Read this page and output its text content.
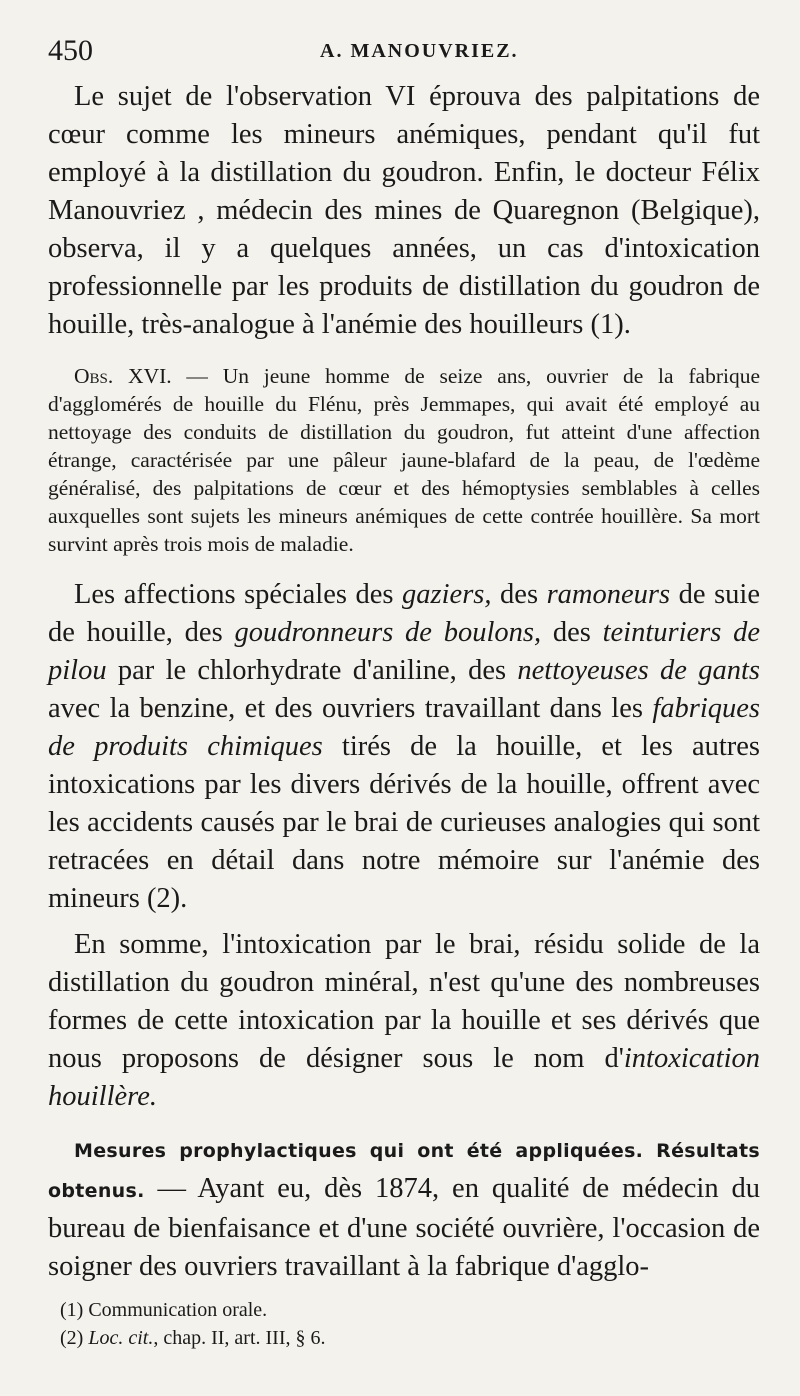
450	A. MANOUVRIEZ.

Le sujet de l'observation VI éprouva des palpitations de cœur comme les mineurs anémiques, pendant qu'il fut employé à la distillation du goudron. Enfin, le docteur Félix Manouvriez , médecin des mines de Quaregnon (Belgique), observa, il y a quelques années, un cas d'intoxication professionnelle par les produits de distillation du goudron de houille, très-analogue à l'anémie des houilleurs (1).

Obs. XVI. — Un jeune homme de seize ans, ouvrier de la fabrique d'agglomérés de houille du Flénu, près Jemmapes, qui avait été employé au nettoyage des conduits de distillation du goudron, fut atteint d'une affection étrange, caractérisée par une pâleur jaune-blafard de la peau, de l'œdème généralisé, des palpitations de cœur et des hémoptysies semblables à celles auxquelles sont sujets les mineurs anémiques de cette contrée houillère. Sa mort survint après trois mois de maladie.

Les affections spéciales des gaziers, des ramoneurs de suie de houille, des goudronneurs de boulons, des teinturiers de pilou par le chlorhydrate d'aniline, des nettoyeuses de gants avec la benzine, et des ouvriers travaillant dans les fabriques de produits chimiques tirés de la houille, et les autres intoxications par les divers dérivés de la houille, offrent avec les accidents causés par le brai de curieuses analogies qui sont retracées en détail dans notre mémoire sur l'anémie des mineurs (2).

En somme, l'intoxication par le brai, résidu solide de la distillation du goudron minéral, n'est qu'une des nombreuses formes de cette intoxication par la houille et ses dérivés que nous proposons de désigner sous le nom d'intoxication houillère.

Mesures prophylactiques qui ont été appliquées. Résultats obtenus. — Ayant eu, dès 1874, en qualité de médecin du bureau de bienfaisance et d'une société ouvrière, l'occasion de soigner des ouvriers travaillant à la fabrique d'agglo-

(1) Communication orale.

(2) Loc. cit., chap. II, art. III, § 6.
